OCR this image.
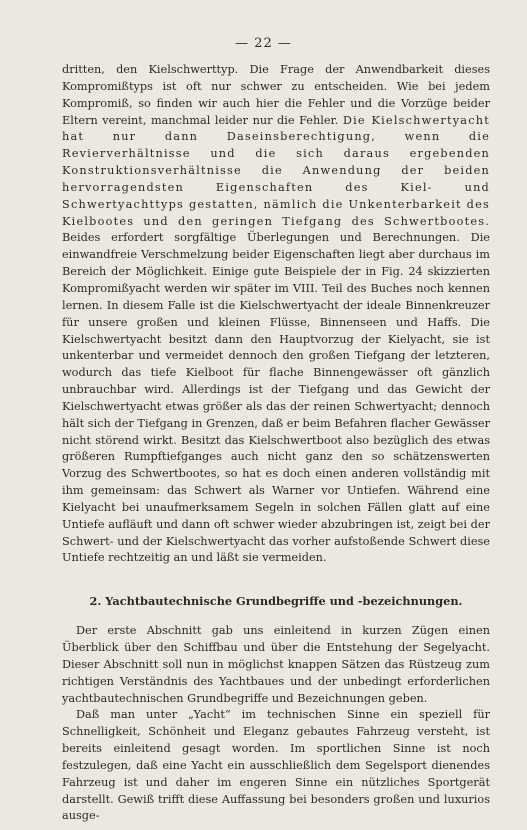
— 22 —

dritten, den Kielschwerttyp. Die Frage der Anwendbarkeit dieses Kompromißtyps ist oft nur schwer zu entscheiden. Wie bei jedem Kompromiß, so finden wir auch hier die Fehler und die Vorzüge beider Eltern vereint, manchmal leider nur die Fehler. Die Kielschwertyacht hat nur dann Daseinsberechtigung, wenn die Revierverhältnisse und die sich daraus ergebenden Konstruktionsverhältnisse die Anwendung der beiden hervorragendsten Eigenschaften des Kiel- und Schwertyachttyps gestatten, nämlich die Unkenterbarkeit des Kielbootes und den geringen Tiefgang des Schwertbootes. Beides erfordert sorgfältige Überlegungen und Berechnungen. Die einwandfreie Verschmelzung beider Eigenschaften liegt aber durchaus im Bereich der Möglichkeit. Einige gute Beispiele der in Fig. 24 skizzierten Kompromißyacht werden wir später im VIII. Teil des Buches noch kennen lernen. In diesem Falle ist die Kielschwertyacht der ideale Binnenkreuzer für unsere großen und kleinen Flüsse, Binnenseen und Haffs. Die Kielschwertyacht besitzt dann den Hauptvorzug der Kielyacht, sie ist unkenterbar und vermeidet dennoch den großen Tiefgang der letzteren, wodurch das tiefe Kielboot für flache Binnengewässer oft gänzlich unbrauchbar wird. Allerdings ist der Tiefgang und das Gewicht der Kielschwertyacht etwas größer als das der reinen Schwertyacht; dennoch hält sich der Tiefgang in Grenzen, daß er beim Befahren flacher Gewässer nicht störend wirkt. Besitzt das Kielschwertboot also bezüglich des etwas größeren Rumpftiefganges auch nicht ganz den so schätzenswerten Vorzug des Schwertbootes, so hat es doch einen anderen vollständig mit ihm gemeinsam: das Schwert als Warner vor Untiefen. Während eine Kielyacht bei unaufmerksamem Segeln in solchen Fällen glatt auf eine Untiefe aufläuft und dann oft schwer wieder abzubringen ist, zeigt bei der Schwert- und der Kielschwertyacht das vorher aufstoßende Schwert diese Untiefe rechtzeitig an und läßt sie vermeiden.

2. Yachtbautechnische Grundbegriffe und -bezeichnungen.

Der erste Abschnitt gab uns einleitend in kurzen Zügen einen Überblick über den Schiffbau und über die Entstehung der Segelyacht. Dieser Abschnitt soll nun in möglichst knappen Sätzen das Rüstzeug zum richtigen Verständnis des Yachtbaues und der unbedingt erforderlichen yachtbautechnischen Grundbegriffe und Bezeichnungen geben.

Daß man unter „Yacht“ im technischen Sinne ein speziell für Schnelligkeit, Schönheit und Eleganz gebautes Fahrzeug versteht, ist bereits einleitend gesagt worden. Im sportlichen Sinne ist noch festzulegen, daß eine Yacht ein ausschließlich dem Segelsport dienendes Fahrzeug ist und daher im engeren Sinne ein nützliches Sportgerät darstellt. Gewiß trifft diese Auffassung bei besonders großen und luxurios ausge-
